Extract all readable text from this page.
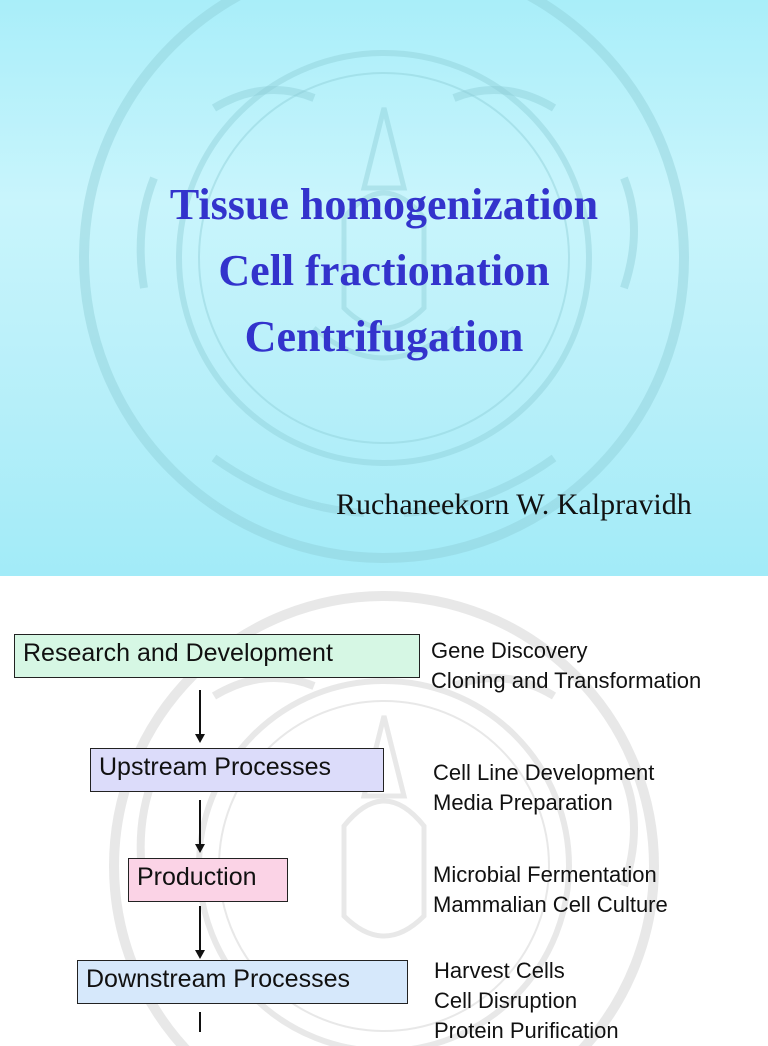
Tissue homogenization
Cell fractionation
Centrifugation
Ruchaneekorn W. Kalpravidh
Research and Development	Gene Discovery
Cloning and Transformation
Upstream Processes	Cell Line Development
Media Preparation
Production	Microbial Fermentation
Mammalian Cell Culture
Downstream Processes	Harvest Cells
Cell Disruption
Protein Purification
